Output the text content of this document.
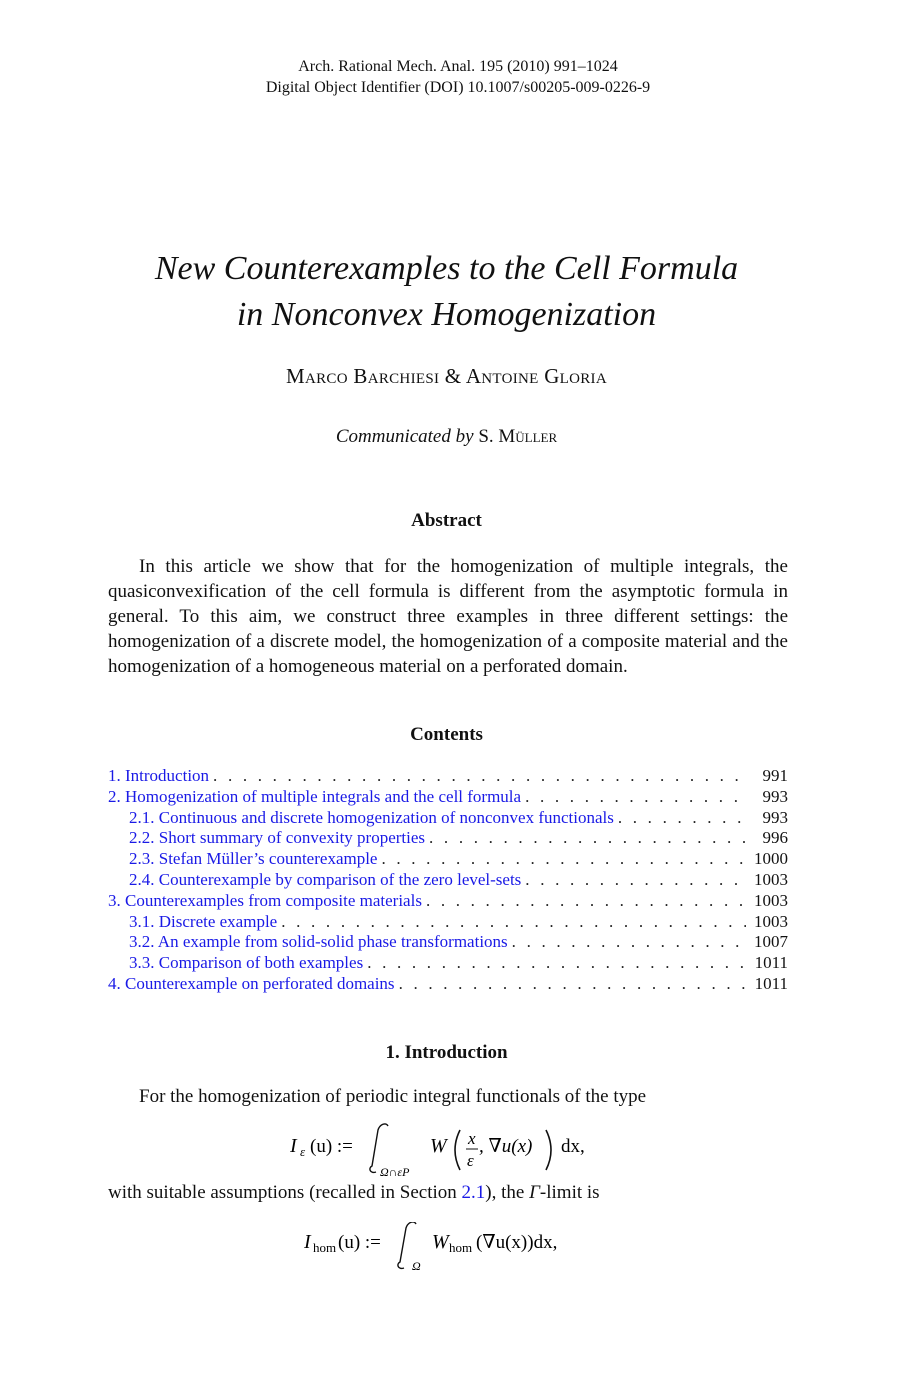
Arch. Rational Mech. Anal. 195 (2010) 991–1024
Digital Object Identifier (DOI) 10.1007/s00205-009-0226-9
New Counterexamples to the Cell Formula
in Nonconvex Homogenization
Marco Barchiesi & Antoine Gloria
Communicated by S. Müller
Abstract

In this article we show that for the homogenization of multiple integrals, the quasiconvexification of the cell formula is different from the asymptotic formula in general. To this aim, we construct three examples in three different settings: the homogenization of a discrete model, the homogenization of a composite material and the homogenization of a homogeneous material on a perforated domain.

Contents
1. Introduction . . .	991
2. Homogenization of multiple integrals and the cell formula . . .	993
2.1. Continuous and discrete homogenization of nonconvex functionals . . .	993
2.2. Short summary of convexity properties . . .	996
2.3. Stefan Müller’s counterexample . . .	1000
2.4. Counterexample by comparison of the zero level-sets . . .	1003
3. Counterexamples from composite materials . . .	1003
3.1. Discrete example . . .	1003
3.2. An example from solid-solid phase transformations . . .	1007
3.3. Comparison of both examples . . .	1011
4. Counterexample on perforated domains . . .	1011
1. Introduction
For the homogenization of periodic integral functionals of the type
I ε (u) :=
Ω∩εP
W x
ε
, ∇u(x) dx,
with suitable assumptions (recalled in Section 2.1), the Γ-limit is
I hom (u) :=
Ω
W hom (∇u(x))dx,
